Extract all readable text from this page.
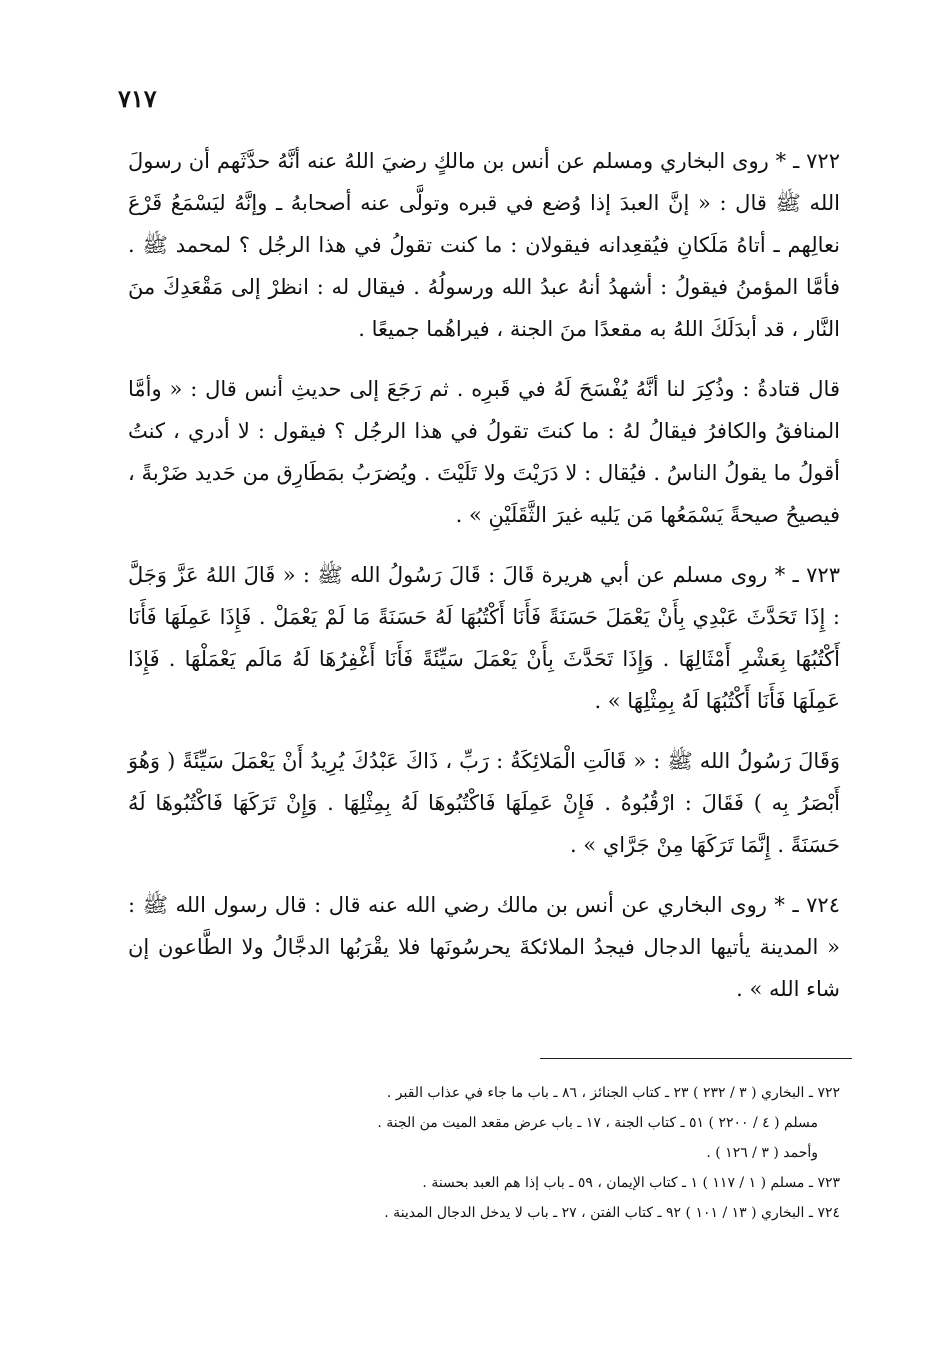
٧١٧

٧٢٢ ـ * روى البخاري ومسلم عن أنس بن مالكٍ رضيَ اللهُ عنه أنَّهُ حدَّثَهم أن رسولَ الله ﷺ قال : « إنَّ العبدَ إذا وُضع في قبره وتولَّى عنه أصحابهُ ـ وإنَّهُ ليَسْمَعُ قَرْعَ نعالِهم ـ أتاهُ مَلَكانِ فيُقعِدانه فيقولان : ما كنت تقولُ في هذا الرجُل ؟ لمحمد ﷺ . فأمَّا المؤمنُ فيقولُ : أشهدُ أنهُ عبدُ الله ورسولُهُ . فيقال له : انظرْ إلى مَقْعَدِكَ منَ النَّار ، قد أبدَلَكَ اللهُ به مقعدًا منَ الجنة ، فيراهُما جميعًا .

قال قتادةُ : وذُكِرَ لنا أنَّهُ يُفْسَحَ لَهُ في قَبرِه . ثم رَجَعَ إلى حديثِ أنس قال : « وأمَّا المنافقُ والكافرُ فيقالُ لهُ : ما كنتَ تقولُ في هذا الرجُل ؟ فيقول : لا أدري ، كنتُ أقولُ ما يقولُ الناسُ . فيُقال : لا دَرَيْتَ ولا تَلَيْتَ . ويُضرَبُ بمَطَارِق من حَديد ضَرْبةً ، فيصيحُ صيحةً يَسْمَعُها مَن يَليه غيرَ الثَّقَلَيْنِ » .

٧٢٣ ـ * روى مسلم عن أبي هريرة قَالَ : قَالَ رَسُولُ الله ﷺ : « قَالَ اللهُ عَزَّ وَجَلَّ : إِذَا تَحَدَّثَ عَبْدِي بِأَنْ يَعْمَلَ حَسَنَةً فَأَنَا أَكْتُبُهَا لَهُ حَسَنَةً مَا لَمْ يَعْمَلْ . فَإِذَا عَمِلَهَا فَأَنَا أَكْتُبُهَا بِعَشْرِ أَمْثَالِهَا . وَإِذَا تَحَدَّثَ بِأَنْ يَعْمَلَ سَيِّئَةً فَأَنَا أَغْفِرُهَا لَهُ مَالَم يَعْمَلْهَا . فَإِذَا عَمِلَهَا فَأَنَا أَكْتُبُهَا لَهُ بِمِثْلِهَا » .

وَقَالَ رَسُولُ الله ﷺ : « قَالَتِ الْمَلائِكَةُ : رَبِّ ، ذَاكَ عَبْدُكَ يُرِيدُ أَنْ يَعْمَلَ سَيِّئَةً ( وَهُوَ أَبْصَرُ بِه ) فَقَالَ : ارْقُبُوهُ . فَإِنْ عَمِلَهَا فَاكْتُبُوهَا لَهُ بِمِثْلِهَا . وَإِنْ تَرَكَهَا فَاكْتُبُوهَا لَهُ حَسَنَةً . إِنَّمَا تَرَكَهَا مِنْ جَرَّاي » .

٧٢٤ ـ * روى البخاري عن أنس بن مالك رضي الله عنه قال : قال رسول الله ﷺ : « المدينة يأتيها الدجال فيجدُ الملائكةَ يحرسُونَها فلا يقْرَبُها الدجَّالُ ولا الطَّاعون إن شاء الله » .

٧٢٢ ـ البخاري ( ٣ / ٢٣٢ ) ٢٣ ـ كتاب الجنائز ، ٨٦ ـ باب ما جاء في عذاب القبر .
مسلم ( ٤ / ٢٢٠٠ ) ٥١ ـ كتاب الجنة ، ١٧ ـ باب عرض مقعد الميت من الجنة .
وأحمد ( ٣ / ١٢٦ ) .
٧٢٣ ـ مسلم ( ١ / ١١٧ ) ١ ـ كتاب الإيمان ، ٥٩ ـ باب إذا هم العبد بحسنة .
٧٢٤ ـ البخاري ( ١٣ / ١٠١ ) ٩٢ ـ كتاب الفتن ، ٢٧ ـ باب لا يدخل الدجال المدينة .
